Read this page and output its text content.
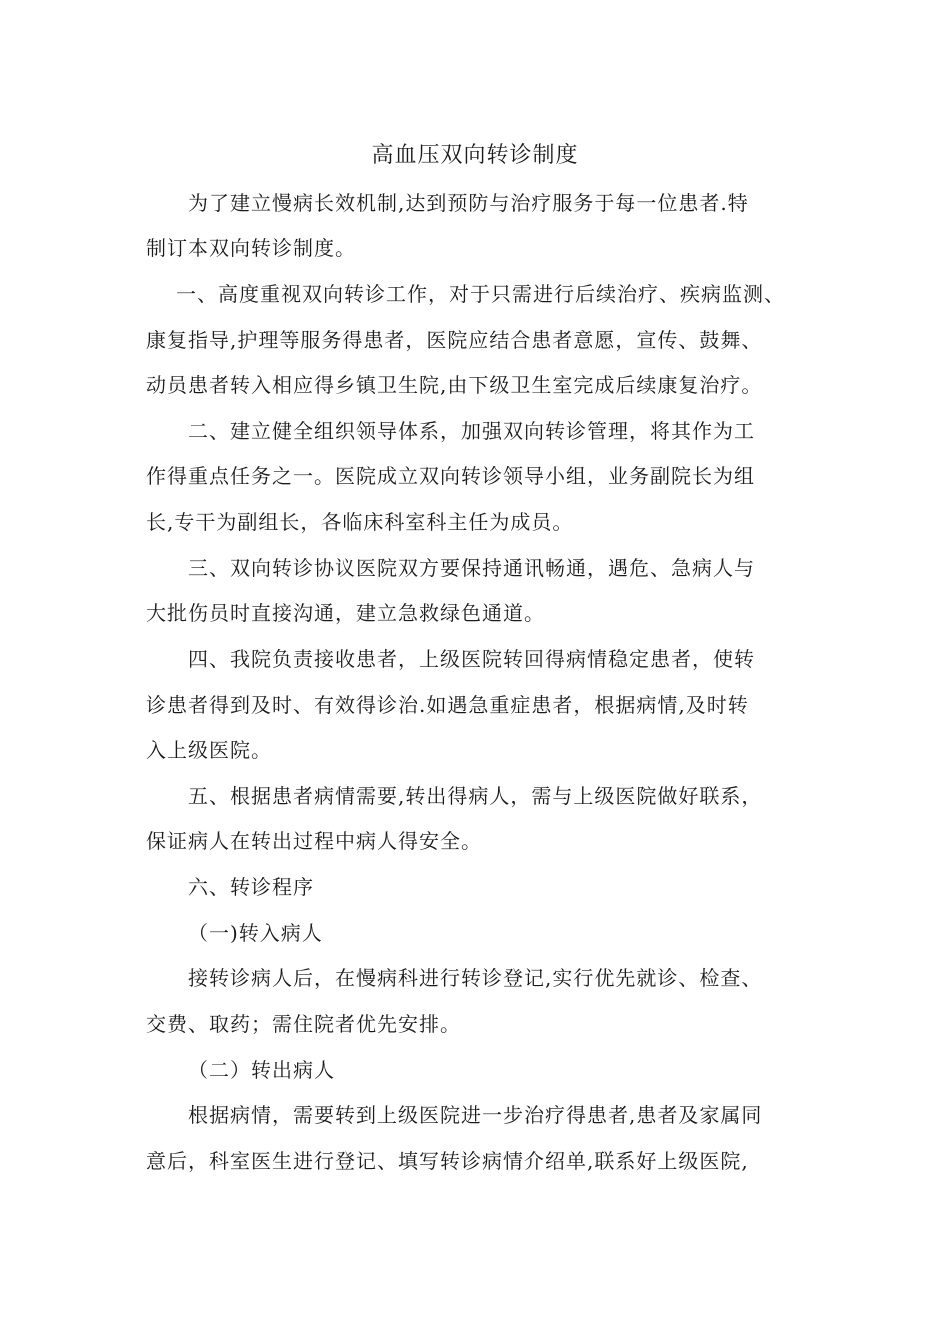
高血压双向转诊制度
为了建立慢病长效机制,达到预防与治疗服务于每一位患者.特
制订本双向转诊制度。
一、高度重视双向转诊工作，对于只需进行后续治疗、疾病监测、
康复指导,护理等服务得患者，医院应结合患者意愿，宣传、鼓舞、
动员患者转入相应得乡镇卫生院,由下级卫生室完成后续康复治疗。
二、建立健全组织领导体系，加强双向转诊管理，将其作为工
作得重点任务之一。医院成立双向转诊领导小组，业务副院长为组
长,专干为副组长，各临床科室科主任为成员。
三、双向转诊协议医院双方要保持通讯畅通，遇危、急病人与
大批伤员时直接沟通，建立急救绿色通道。
四、我院负责接收患者，上级医院转回得病情稳定患者，使转
诊患者得到及时、有效得诊治.如遇急重症患者，根据病情,及时转
入上级医院。
五、根据患者病情需要,转出得病人，需与上级医院做好联系，
保证病人在转出过程中病人得安全。
六、转诊程序
（一)转入病人
接转诊病人后，在慢病科进行转诊登记,实行优先就诊、检查、
交费、取药；需住院者优先安排。
（二）转出病人
根据病情，需要转到上级医院进一步治疗得患者,患者及家属同
意后，科室医生进行登记、填写转诊病情介绍单,联系好上级医院,
